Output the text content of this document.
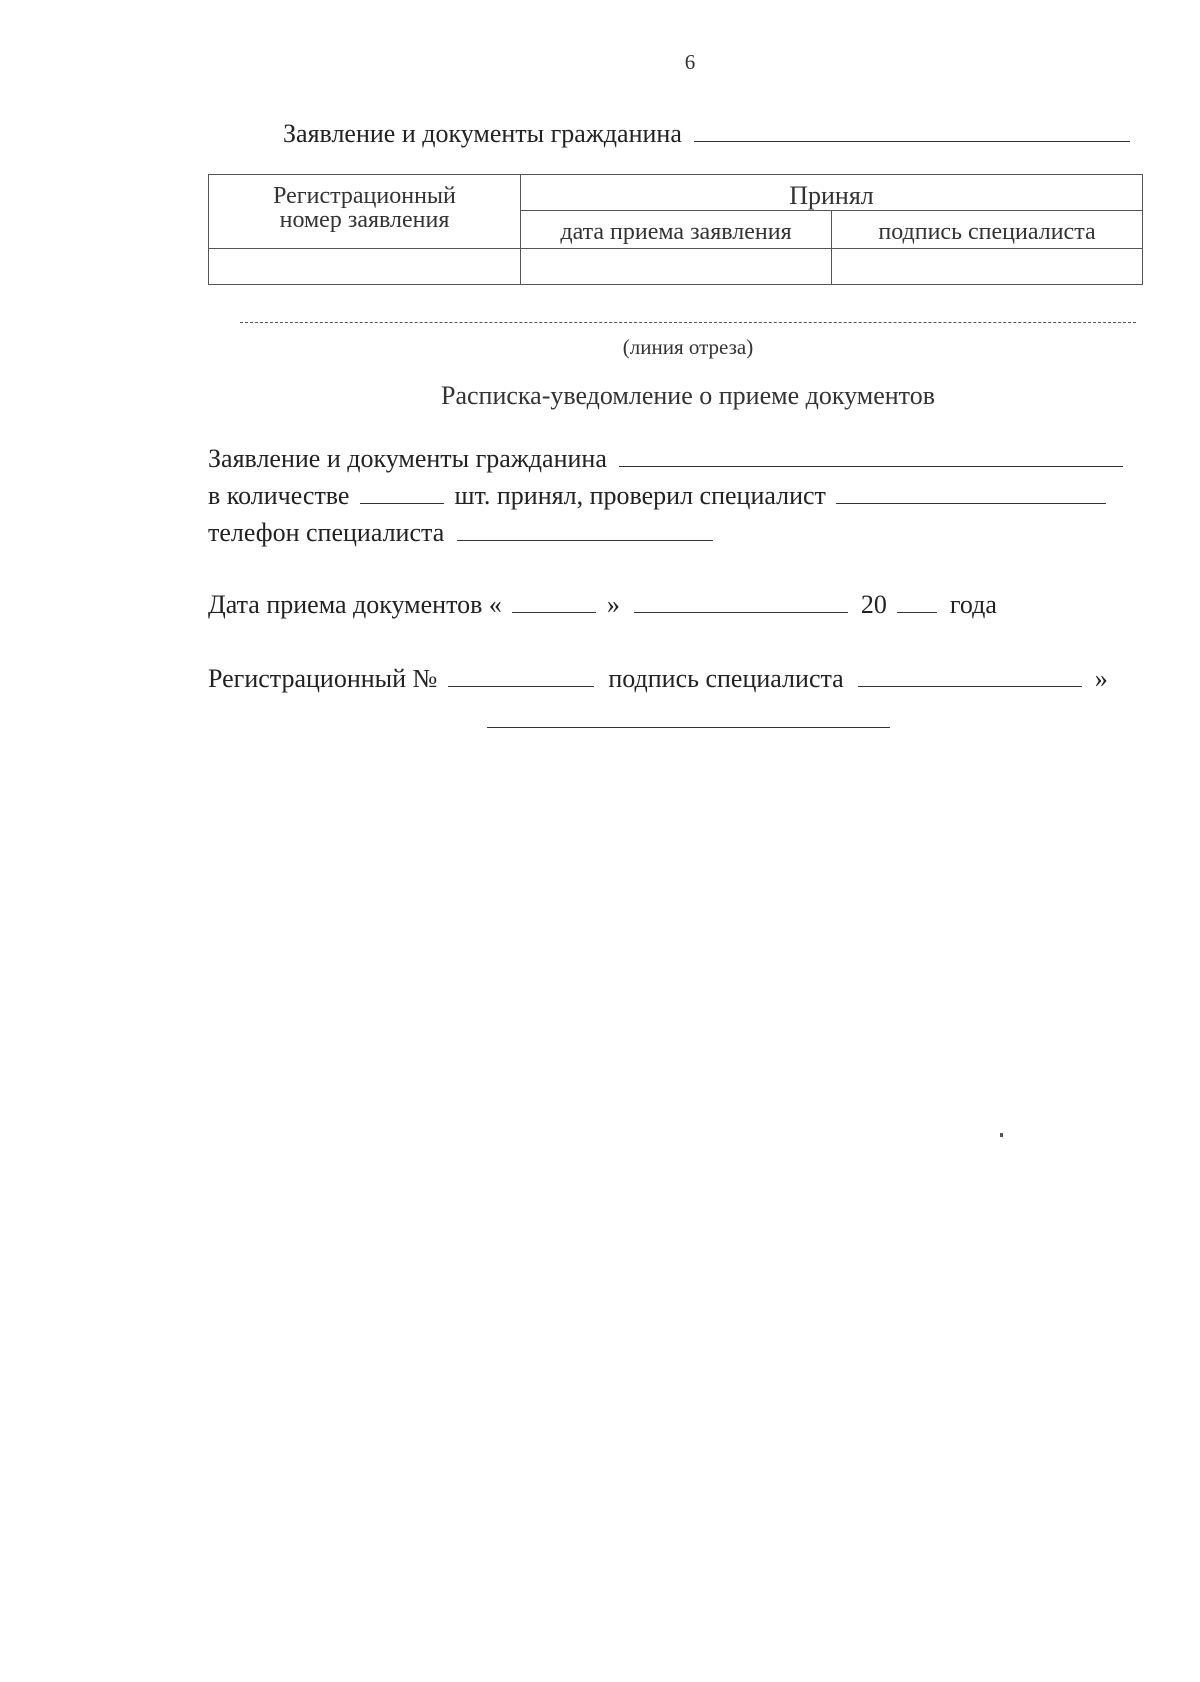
6
Заявление и документы гражданина
Регистрационный номер заявления	Принял	
	дата приема заявления	подпись специалиста

(линия отреза)
Расписка-уведомление о приеме документов
Заявление и документы гражданина
в количестве	шт. принял, проверил специалист
телефон специалиста
Дата приема документов «	»	20 года
Регистрационный №	подпись специалиста	»
